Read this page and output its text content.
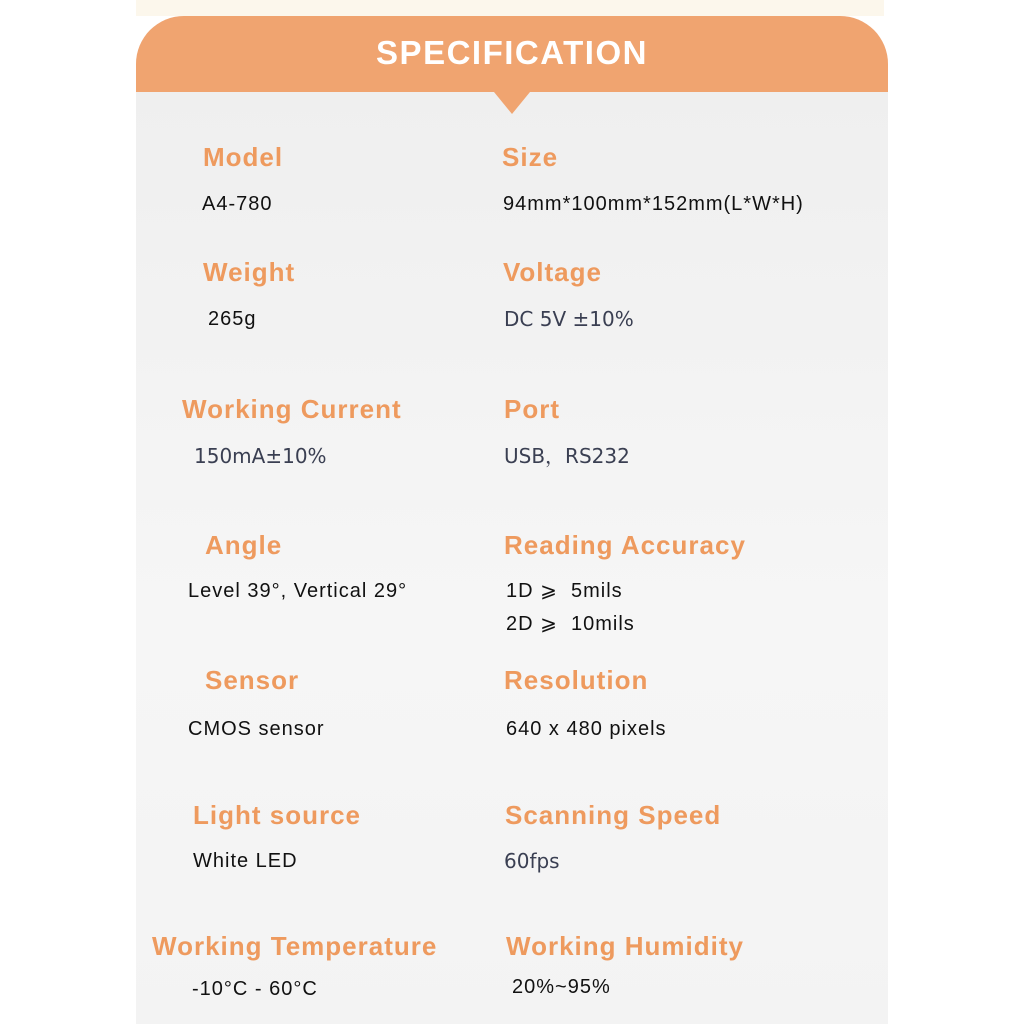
SPECIFICATION
Model
A4-780
Size
94mm*100mm*152mm(L*W*H)
Weight
265g
Voltage
DC 5V ±10%
Working Current
150mA±10%
Port
USB，RS232
Angle
Level 39°, Vertical 29°
Reading Accuracy
1D ⩾  5mils
2D ⩾  10mils
Sensor
CMOS sensor
Resolution
640 x 480 pixels
Light source
White LED
Scanning Speed
60fps
Working Temperature
-10°C - 60°C
Working Humidity
20%~95%
